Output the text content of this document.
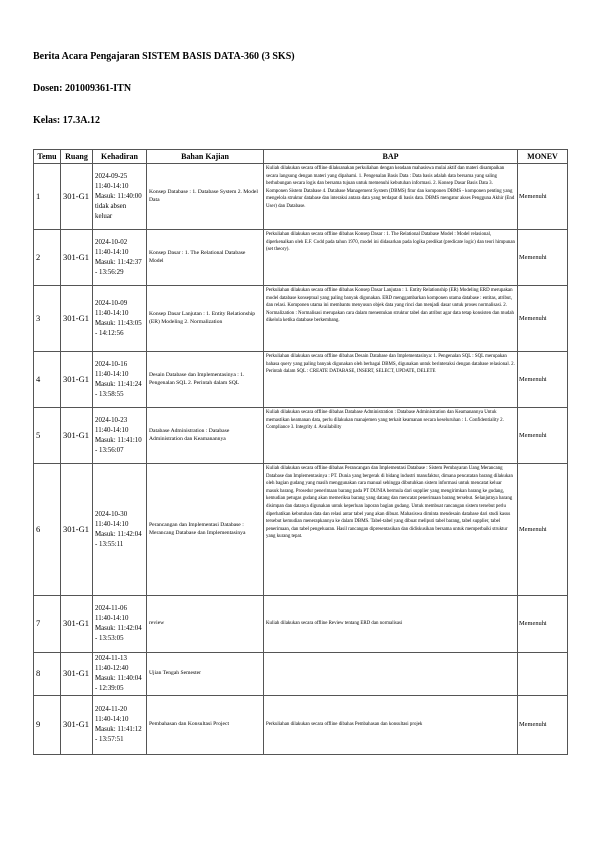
Berita Acara Pengajaran SISTEM BASIS DATA-360 (3 SKS)
Dosen: 201009361-ITN
Kelas: 17.3A.12
Temu	Ruang	Kehadiran	Bahan Kajian	BAP	MONEV
1	301-G1	2024-09-25 11:40-14:10 Masuk: 11:40:00 tidak absen keluar	Konsep Database : 1. Database System 2. Model Data	Kuliah dilakukan secara offline dilaksanakan perkuliahan dengan keadaan mahasiswa mulai aktif dan materi disampaikan secara langsung dengan materi yang dipahami. 1. Pengenalan Basis Data : Data basis adalah data bersama yang saling berhubungan secara logis dan bersama tujuan untuk memenuhi kebutuhan informasi. 2. Konsep Dasar Basis Data 3. Komponen Sistem Database 4. Database Management System (DBMS) fitur dan komponen DBMS - komponen penting yang mengelola struktur database dan interaksi antara data yang terdapat di basis data. DBMS mengatur akses Pengguna Akhir (End User) dan Database.	Memenuhi
2	301-G1	2024-10-02 11:40-14:10 Masuk: 11:42:37 - 13:56:29	Konsep Dasar : 1. The Relational Database Model	Perkuliahan dilakukan secara offline dibahas Konsep Dasar : 1. The Relational Database Model : Model relasional, diperkenalkan oleh E.F. Codd pada tahun 1970, model ini didasarkan pada logika predikat (predicate logic) dan teori himpunan (set theory).	Memenuhi
3	301-G1	2024-10-09 11:40-14:10 Masuk: 11:43:05 - 14:12:56	Konsep Dasar Lanjutan : 1. Entity Relationship (ER) Modeling 2. Normalization	Perkuliahan dilakukan secara offline dibahas Konsep Dasar Lanjutan : 1. Entity Relationship (ER) Modeling ERD merupakan model database konseptual yang paling banyak digunakan. ERD menggambarkan komponen utama database : entitas, atribut, dan relasi. Komponen utama ini membantu menyusun objek data yang rinci dan menjadi dasar untuk proses normalisasi. 2. Normalization : Normalisasi merupakan cara dalam menentukan struktur tabel dan atribut agar data tetap konsisten dan mudah dikelola ketika database berkembang.	Memenuhi
4	301-G1	2024-10-16 11:40-14:10 Masuk: 11:41:24 - 13:58:55	Desain Database dan Implementasinya : 1. Pengenalan SQL 2. Perintah dalam SQL	Perkuliahan dilakukan secara offline dibahas Desain Database dan Implementasinya: 1. Pengenalan SQL : SQL merupakan bahasa query yang paling banyak digunakan oleh berbagai DBMS, digunakan untuk berinteraksi dengan database relasional. 2. Perintah dalam SQL : CREATE DATABASE, INSERT, SELECT, UPDATE, DELETE	Memenuhi
5	301-G1	2024-10-23 11:40-14:10 Masuk: 11:41:10 - 13:56:07	Database Administration : Database Administration dan Keamanannya	Kuliah dilakukan secara offline dibahas Database Administration : Database Administration dan Keamanannya Untuk memastikan keamanan data, perlu dilakukan manajemen yang terkait keamanan secara keseluruhan : 1. Confidentiality 2. Compliance 3. Integrity 4. Availability	Memenuhi
6	301-G1	2024-10-30 11:40-14:10 Masuk: 11:42:04 - 13:55:11	Perancangan dan Implementasi Database : Merancang Database dan Implementasinya	Kuliah dilakukan secara offline dibahas Perancangan dan Implementasi Database : Sistem Pembayaran Uang Merancang Database dan Implementasinya : PT. Dunia yang bergerak di bidang industri manufaktur, dimana pencatatan barang dilakukan oleh bagian gudang yang masih menggunakan cara manual sehingga dibutuhkan sistem informasi untuk mencatat keluar masuk barang. Prosedur penerimaan barang pada PT DUNIA bermula dari supplier yang mengirimkan barang ke gudang, kemudian petugas gudang akan memeriksa barang yang datang dan mencatat penerimaan barang tersebut. Selanjutnya barang disimpan dan datanya digunakan untuk keperluan laporan bagian gudang. Untuk membuat rancangan sistem tersebut perlu diperhatikan kebutuhan data dan relasi antar tabel yang akan dibuat. Mahasiswa diminta mendesain database dari studi kasus tersebut kemudian menerapkannya ke dalam DBMS. Tabel-tabel yang dibuat meliputi tabel barang, tabel supplier, tabel penerimaan, dan tabel pengeluaran. Hasil rancangan dipresentasikan dan didiskusikan bersama untuk memperbaiki struktur yang kurang tepat.	Memenuhi
7	301-G1	2024-11-06 11:40-14:10 Masuk: 11:42:04 - 13:53:05	review	Kuliah dilakukan secara offline Review tentang ERD dan normalisasi	Memenuhi
8	301-G1	2024-11-13 11:40-12:40 Masuk: 11:40:04 - 12:39:05	Ujian Tengah Semester		
9	301-G1	2024-11-20 11:40-14:10 Masuk: 11:41:12 - 13:57:51	Pembahasan dan Konsultasi Project	Perkuliahan dilakukan secara offline dibahas Pembahasan dan konsultasi projek	Memenuhi
